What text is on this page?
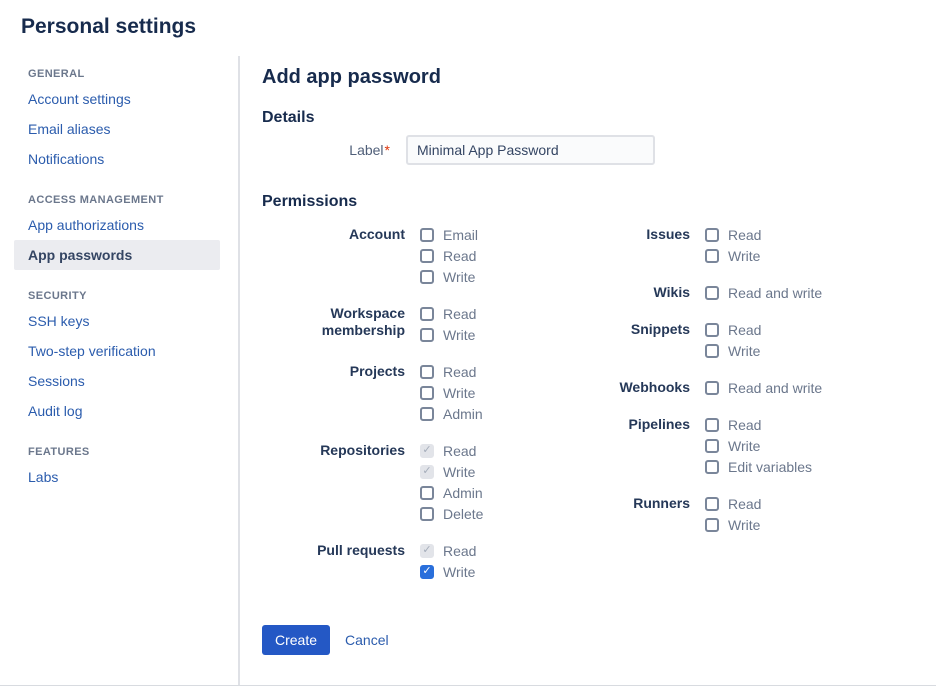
Personal settings
GENERAL
Account settings
Email aliases
Notifications
ACCESS MANAGEMENT
App authorizations
App passwords
SECURITY
SSH keys
Two-step verification
Sessions
Audit log
FEATURES
Labs
Add app password
Details
Label*
Minimal App Password
Permissions
Account	Email
Read
Write
Workspace membership
Read
Write
Projects	Read
Write
Admin
Repositories ✓	Read
✓
Write
Admin
Delete
Pull requests ✓	Read
✓
Write
Issues	Read
Write
Wikis	Read and write
Snippets	Read
Write
Webhooks	Read and write
Pipelines	Read
Write
Edit variables
Runners	Read
Write
Create	Cancel
